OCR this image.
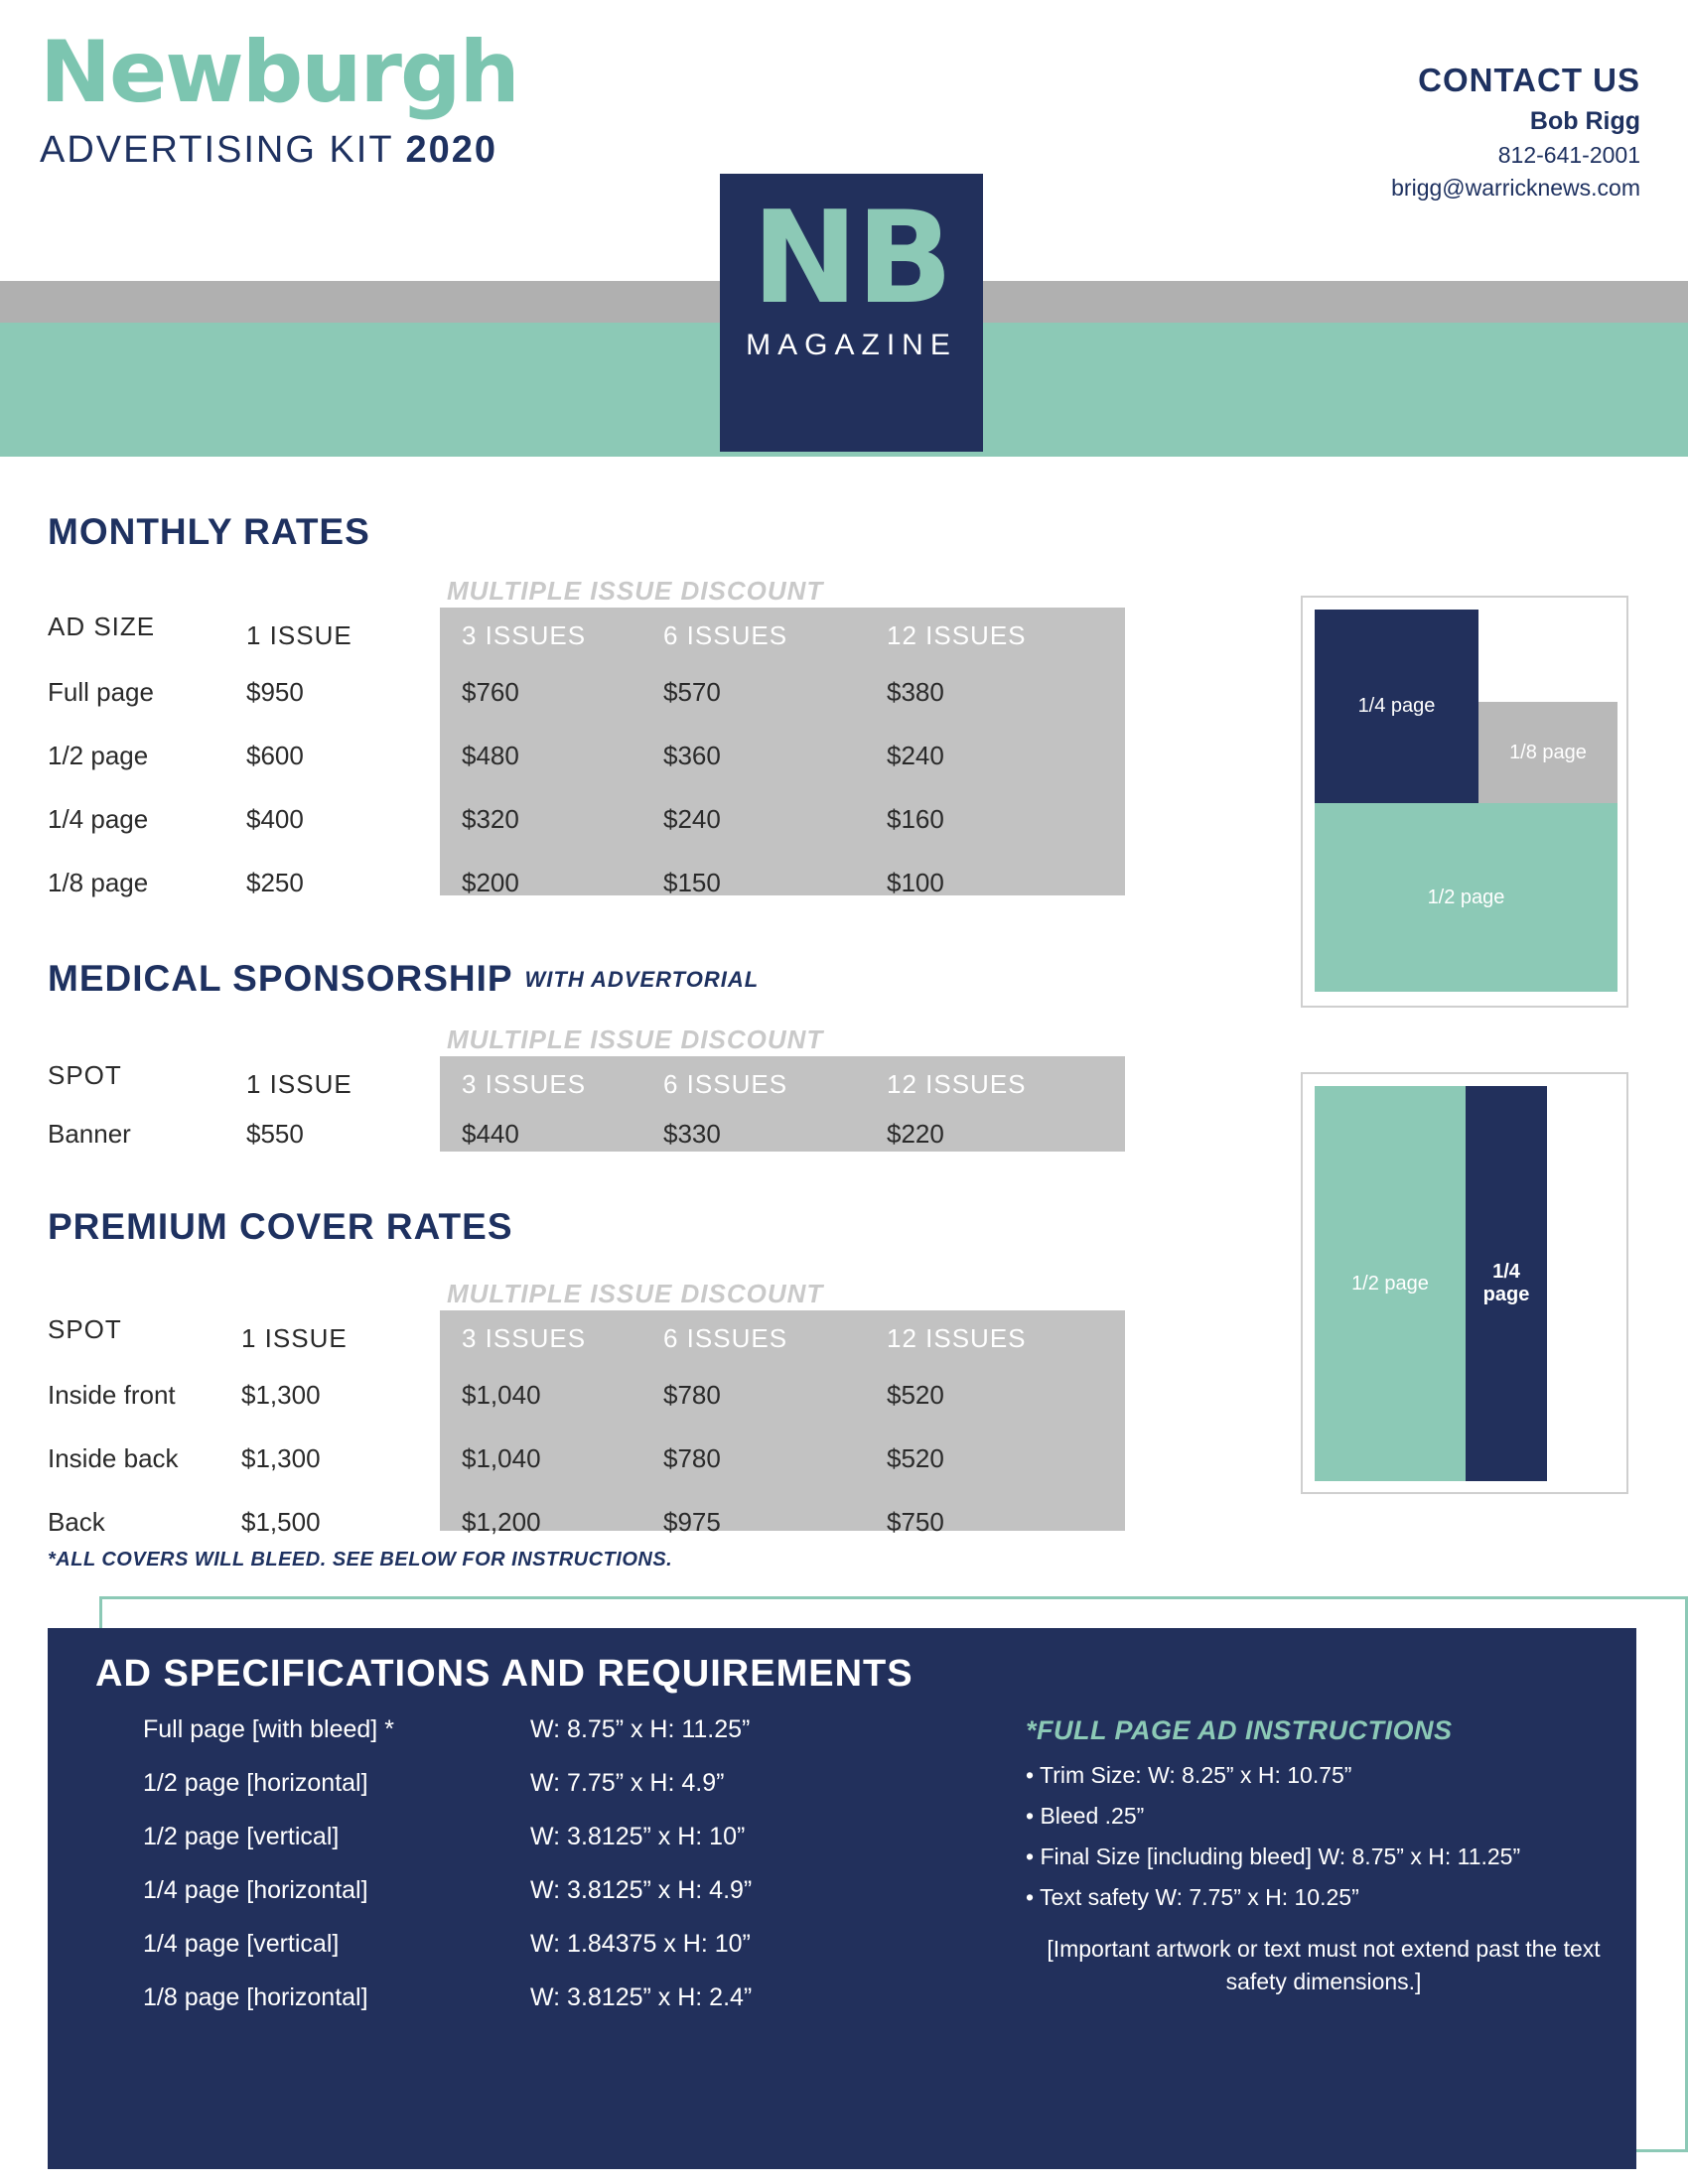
Newburgh
ADVERTISING KIT 2020
CONTACT US
Bob Rigg
812-641-2001
brigg@warricknews.com
NB
MAGAZINE
MONTHLY RATES
MULTIPLE ISSUE DISCOUNT
AD SIZE	1 ISSUE	3 ISSUES	6 ISSUES	12 ISSUES
Full page	$950	$760	$570	$380
1/2 page	$600	$480	$360	$240
1/4 page	$400	$320	$240	$160
1/8 page	$250	$200	$150	$100
MEDICAL SPONSORSHIP WITH ADVERTORIAL
MULTIPLE ISSUE DISCOUNT
SPOT	1 ISSUE	3 ISSUES	6 ISSUES	12 ISSUES
Banner	$550	$440	$330	$220
PREMIUM COVER RATES
MULTIPLE ISSUE DISCOUNT
SPOT	1 ISSUE	3 ISSUES	6 ISSUES	12 ISSUES
Inside front	$1,300	$1,040	$780	$520
Inside back	$1,300	$1,040	$780	$520
Back	$1,500	$1,200	$975	$750
*ALL COVERS WILL BLEED. SEE BELOW FOR INSTRUCTIONS.
1/4 page
1/8 page
1/2 page
1/2 page
1/4
page
AD SPECIFICATIONS AND REQUIREMENTS
Full page [with bleed] *	W: 8.75” x H: 11.25”
1/2 page [horizontal]	W: 7.75” x H: 4.9”
1/2 page [vertical]	W: 3.8125” x H: 10”
1/4 page [horizontal]	W: 3.8125” x H: 4.9”
1/4 page [vertical]	W: 1.84375 x H: 10”
1/8 page [horizontal]	W: 3.8125” x H: 2.4”
*FULL PAGE AD INSTRUCTIONS
• Trim Size: W: 8.25” x H: 10.75”
• Bleed .25”
• Final Size [including bleed] W: 8.75” x H: 11.25”
• Text safety W: 7.75” x H: 10.25”
[Important artwork or text must not extend past the text safety dimensions.]
